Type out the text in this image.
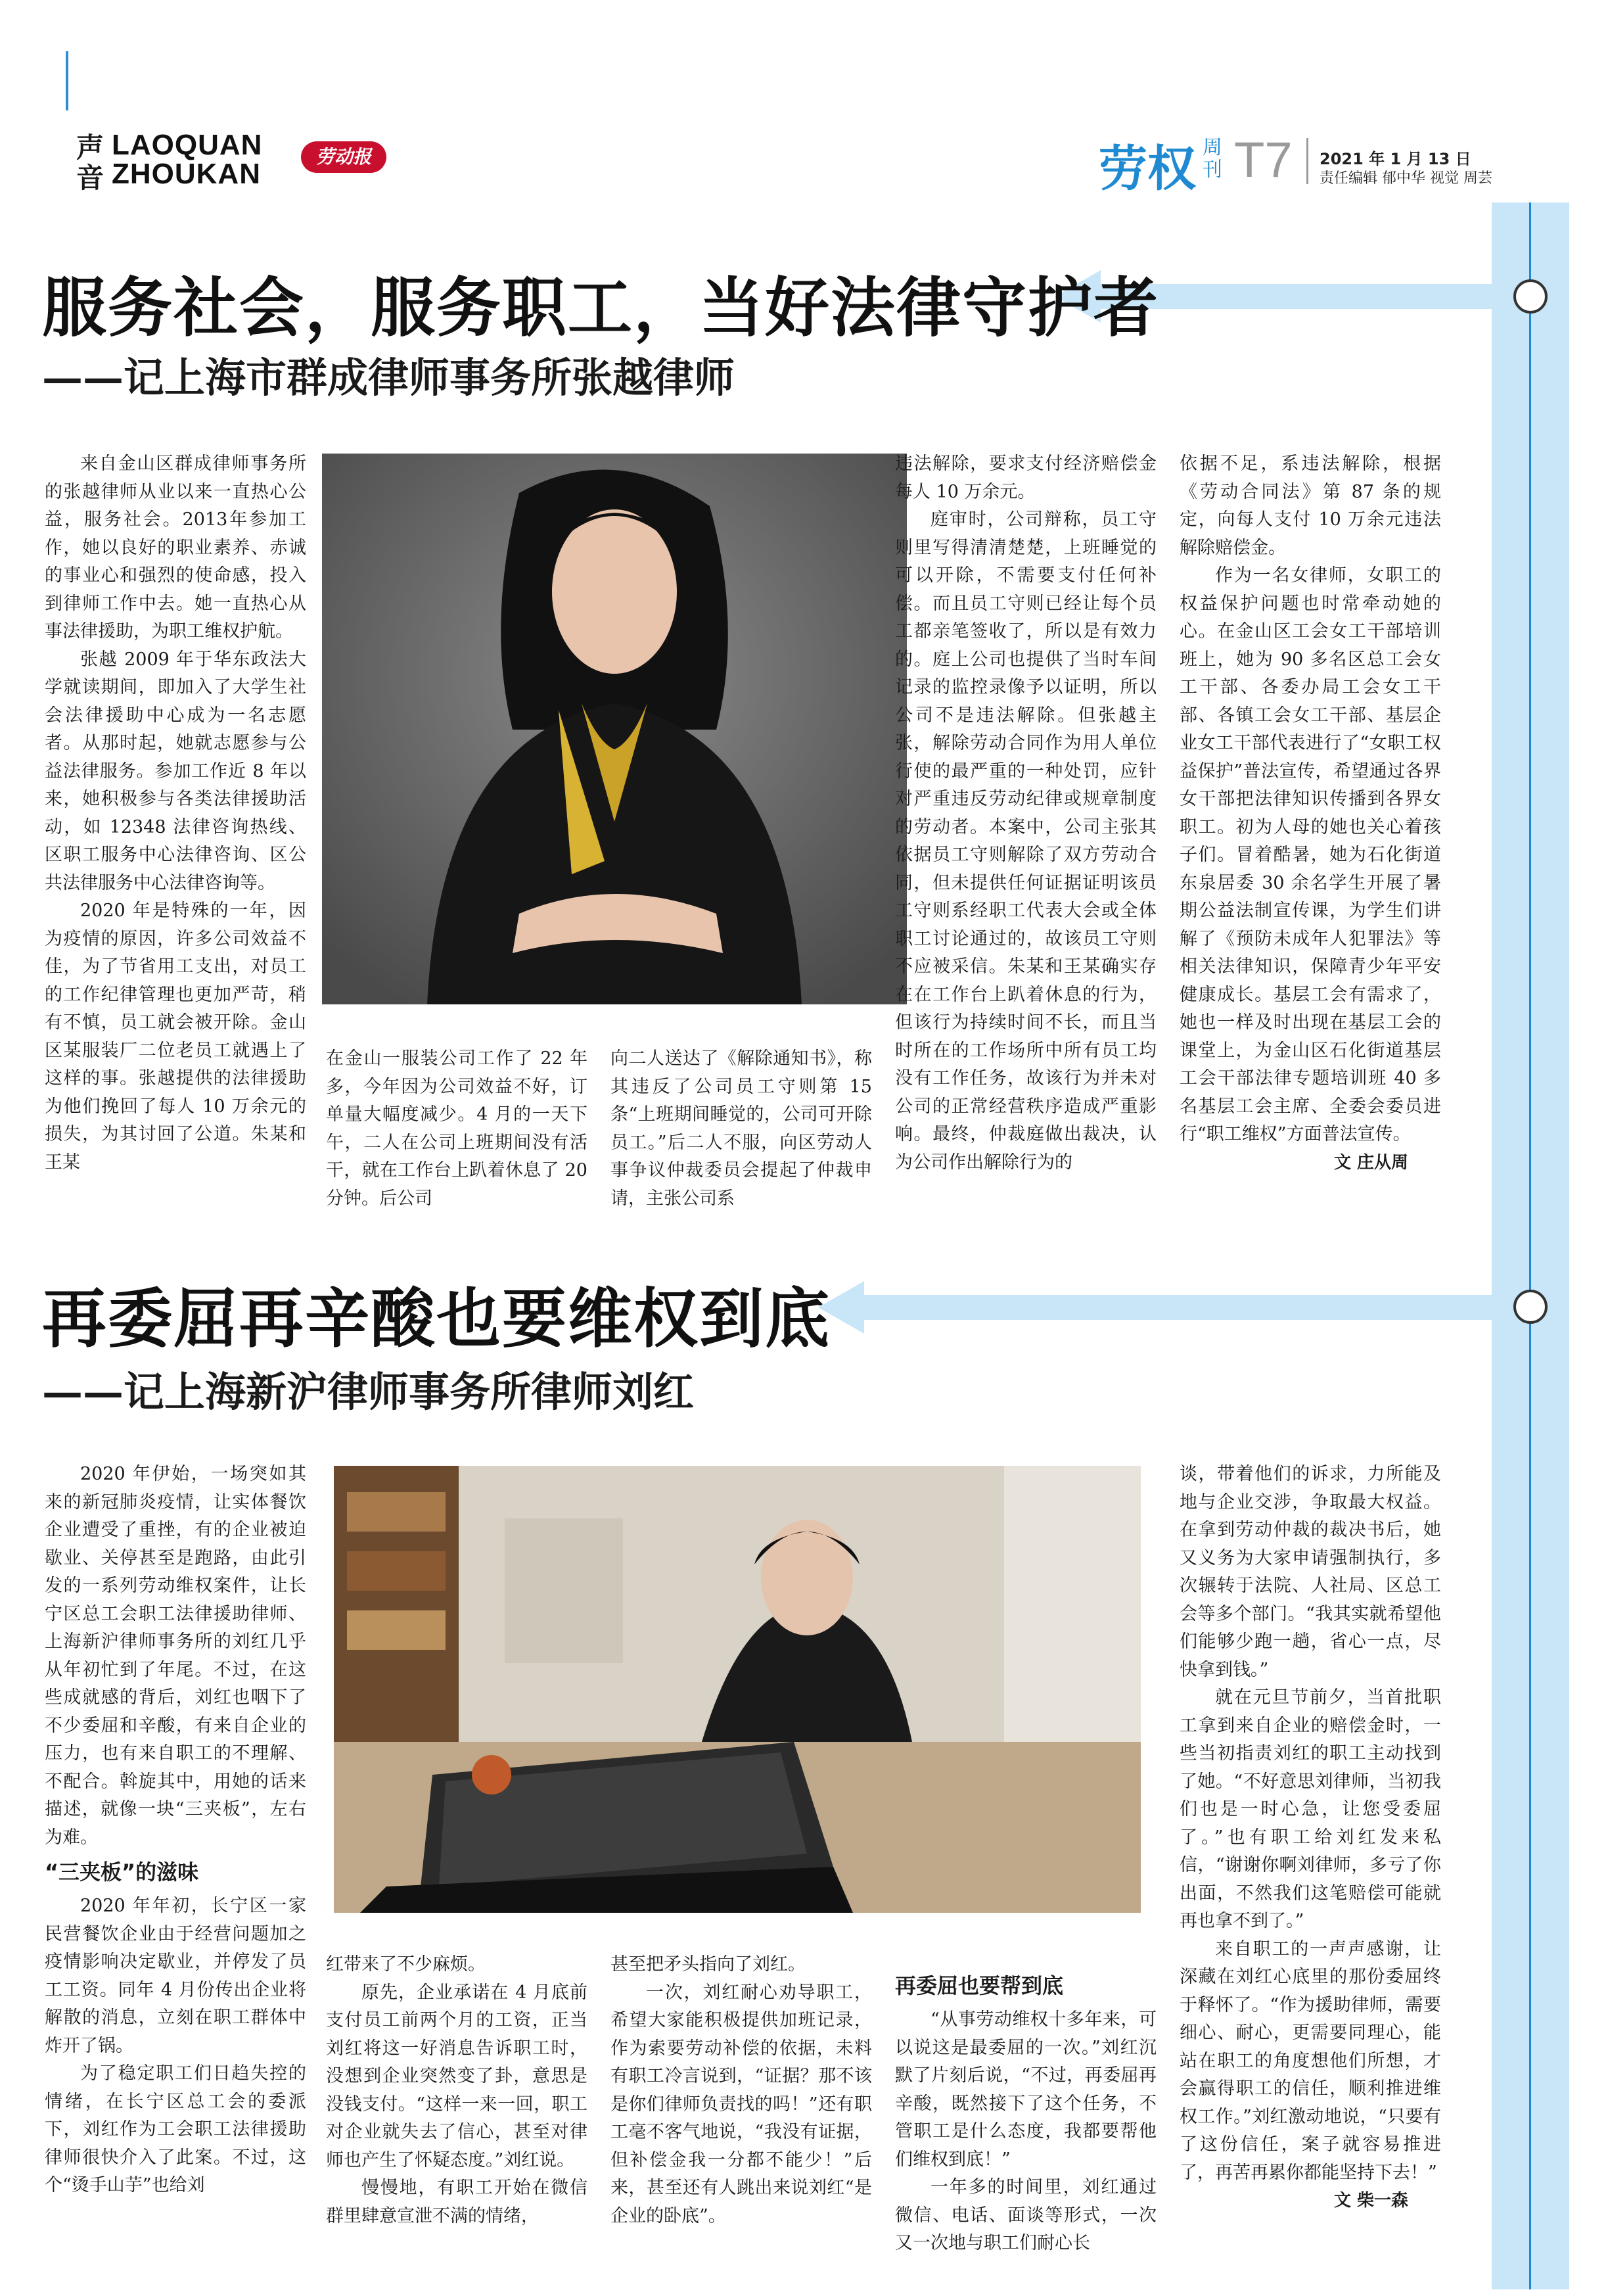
声
音
LAOQUAN
ZHOUKAN
劳动报	劳权 周刊 T7 2021 年 1 月 13 日
责任编辑 郁中华 视觉 周芸
服务社会，服务职工，当好法律守护者
——记上海市群成律师事务所张越律师

来自金山区群成律师事务所的张越律师从业以来一直热心公益，服务社会。2013年参加工作，她以良好的职业素养、赤诚的事业心和强烈的使命感，投入到律师工作中去。她一直热心从事法律援助，为职工维权护航。

张越 2009 年于华东政法大学就读期间，即加入了大学生社会法律援助中心成为一名志愿者。从那时起，她就志愿参与公益法律服务。参加工作近 8 年以来，她积极参与各类法律援助活动，如 12348 法律咨询热线、区职工服务中心法律咨询、区公共法律服务中心法律咨询等。

2020 年是特殊的一年，因为疫情的原因，许多公司效益不佳，为了节省用工支出，对员工的工作纪律管理也更加严苛，稍有不慎，员工就会被开除。金山区某服装厂二位老员工就遇上了这样的事。张越提供的法律援助为他们挽回了每人 10 万余元的损失，为其讨回了公道。朱某和王某

在金山一服装公司工作了 22 年多，今年因为公司效益不好，订单量大幅度减少。4 月的一天下午，二人在公司上班期间没有活干，就在工作台上趴着休息了 20 分钟。后公司

向二人送达了《解除通知书》，称其违反了公司员工守则第 15 条“上班期间睡觉的，公司可开除员工。”后二人不服，向区劳动人事争议仲裁委员会提起了仲裁申请，主张公司系

违法解除，要求支付经济赔偿金每人 10 万余元。

庭审时，公司辩称，员工守则里写得清清楚楚，上班睡觉的可以开除，不需要支付任何补偿。而且员工守则已经让每个员工都亲笔签收了，所以是有效力的。庭上公司也提供了当时车间记录的监控录像予以证明，所以公司不是违法解除。但张越主张，解除劳动合同作为用人单位行使的最严重的一种处罚，应针对严重违反劳动纪律或规章制度的劳动者。本案中，公司主张其依据员工守则解除了双方劳动合同，但未提供任何证据证明该员工守则系经职工代表大会或全体职工讨论通过的，故该员工守则不应被采信。朱某和王某确实存在在工作台上趴着休息的行为，但该行为持续时间不长，而且当时所在的工作场所中所有员工均没有工作任务，故该行为并未对公司的正常经营秩序造成严重影响。最终，仲裁庭做出裁决，认为公司作出解除行为的

依据不足，系违法解除，根据《劳动合同法》第 87 条的规定，向每人支付 10 万余元违法解除赔偿金。

作为一名女律师，女职工的权益保护问题也时常牵动她的心。在金山区工会女工干部培训班上，她为 90 多名区总工会女工干部、各委办局工会女工干部、各镇工会女工干部、基层企业女工干部代表进行了“女职工权益保护”普法宣传，希望通过各界女干部把法律知识传播到各界女职工。初为人母的她也关心着孩子们。冒着酷暑，她为石化街道东泉居委 30 余名学生开展了暑期公益法制宣传课，为学生们讲解了《预防未成年人犯罪法》等相关法律知识，保障青少年平安健康成长。基层工会有需求了，她也一样及时出现在基层工会的课堂上，为金山区石化街道基层工会干部法律专题培训班 40 多名基层工会主席、全委会委员进行“职工维权”方面普法宣传。

文 庄从周

再委屈再辛酸也要维权到底
——记上海新沪律师事务所律师刘红

2020 年伊始，一场突如其来的新冠肺炎疫情，让实体餐饮企业遭受了重挫，有的企业被迫歇业、关停甚至是跑路，由此引发的一系列劳动维权案件，让长宁区总工会职工法律援助律师、上海新沪律师事务所的刘红几乎从年初忙到了年尾。不过，在这些成就感的背后，刘红也咽下了不少委屈和辛酸，有来自企业的压力，也有来自职工的不理解、不配合。斡旋其中，用她的话来描述，就像一块“三夹板”，左右为难。

“三夹板”的滋味

2020 年年初，长宁区一家民营餐饮企业由于经营问题加之疫情影响决定歇业，并停发了员工工资。同年 4 月份传出企业将解散的消息，立刻在职工群体中炸开了锅。

为了稳定职工们日趋失控的情绪，在长宁区总工会的委派下，刘红作为工会职工法律援助律师很快介入了此案。不过，这个“烫手山芋”也给刘

红带来了不少麻烦。

原先，企业承诺在 4 月底前支付员工前两个月的工资，正当刘红将这一好消息告诉职工时，没想到企业突然变了卦，意思是没钱支付。“这样一来一回，职工对企业就失去了信心，甚至对律师也产生了怀疑态度。”刘红说。

慢慢地，有职工开始在微信群里肆意宣泄不满的情绪，

甚至把矛头指向了刘红。

一次，刘红耐心劝导职工，希望大家能积极提供加班记录，作为索要劳动补偿的依据，未料有职工冷言说到，“证据？那不该是你们律师负责找的吗！”还有职工毫不客气地说，“我没有证据，但补偿金我一分都不能少！”后来，甚至还有人跳出来说刘红“是企业的卧底”。

再委屈也要帮到底

“从事劳动维权十多年来，可以说这是最委屈的一次。”刘红沉默了片刻后说，“不过，再委屈再辛酸，既然接下了这个任务，不管职工是什么态度，我都要帮他们维权到底！”

一年多的时间里，刘红通过微信、电话、面谈等形式，一次又一次地与职工们耐心长

谈，带着他们的诉求，力所能及地与企业交涉，争取最大权益。在拿到劳动仲裁的裁决书后，她又义务为大家申请强制执行，多次辗转于法院、人社局、区总工会等多个部门。“我其实就希望他们能够少跑一趟，省心一点，尽快拿到钱。”

就在元旦节前夕，当首批职工拿到来自企业的赔偿金时，一些当初指责刘红的职工主动找到了她。“不好意思刘律师，当初我们也是一时心急，让您受委屈了。”也有职工给刘红发来私信，“谢谢你啊刘律师，多亏了你出面，不然我们这笔赔偿可能就再也拿不到了。”

来自职工的一声声感谢，让深藏在刘红心底里的那份委屈终于释怀了。“作为援助律师，需要细心、耐心，更需要同理心，能站在职工的角度想他们所想，才会赢得职工的信任，顺利推进维权工作。”刘红激动地说，“只要有了这份信任，案子就容易推进了，再苦再累你都能坚持下去！”

文 柴一森
